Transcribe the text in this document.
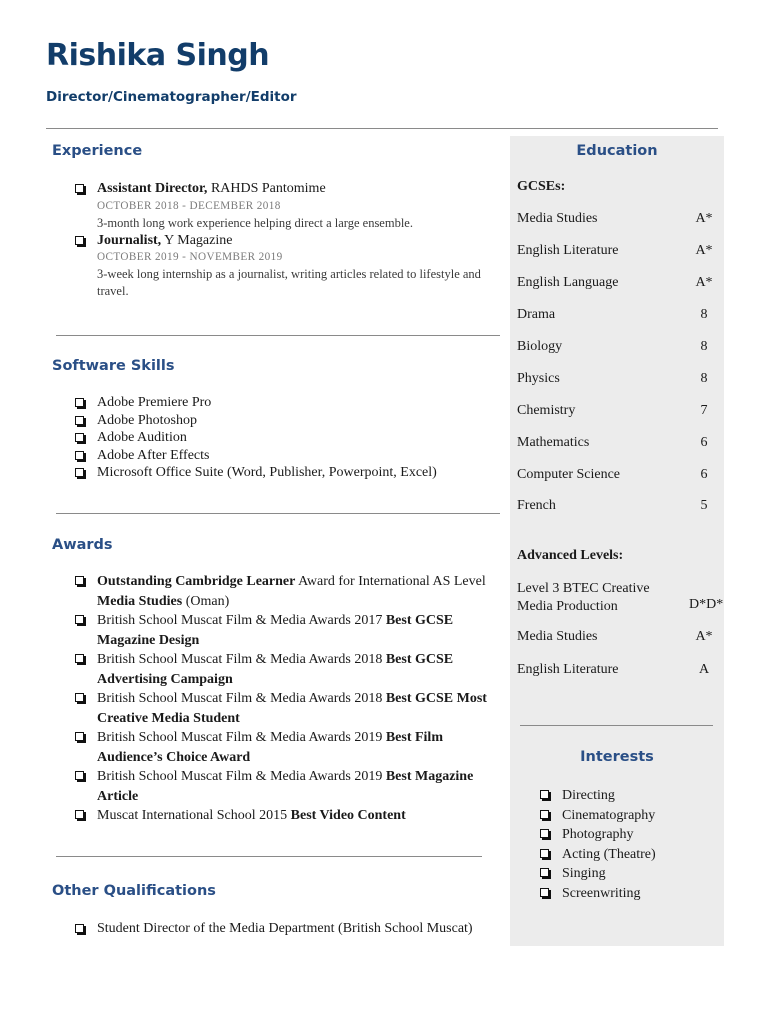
Rishika Singh

Director/Cinematographer/Editor

Experience
Assistant Director, RAHDS Pantomime
OCTOBER 2018 - DECEMBER 2018
3-month long work experience helping direct a large ensemble.
Journalist, Y Magazine
OCTOBER 2019 - NOVEMBER 2019
3-week long internship as a journalist, writing articles related to lifestyle and travel.
Software Skills
Adobe Premiere Pro
Adobe Photoshop
Adobe Audition
Adobe After Effects
Microsoft Office Suite (Word, Publisher, Powerpoint, Excel)
Awards
Outstanding Cambridge Learner Award for International AS Level Media Studies (Oman)
British School Muscat Film & Media Awards 2017 Best GCSE Magazine Design
British School Muscat Film & Media Awards 2018 Best GCSE Advertising Campaign
British School Muscat Film & Media Awards 2018 Best GCSE Most Creative Media Student
British School Muscat Film & Media Awards 2019 Best Film Audience’s Choice Award
British School Muscat Film & Media Awards 2019 Best Magazine Article
Muscat International School 2015 Best Video Content
Other Qualifications
Student Director of the Media Department (British School Muscat)
Education
GCSEs:
Media Studies	A*
English Literature	A*
English Language	A*
Drama	8
Biology	8
Physics	8
Chemistry	7
Mathematics	6
Computer Science	6
French	5
Advanced Levels:
Level 3 BTEC Creative Media Production	D*D*
Media Studies	A*
English Literature	A
Interests
Directing
Cinematography
Photography
Acting (Theatre)
Singing
Screenwriting
